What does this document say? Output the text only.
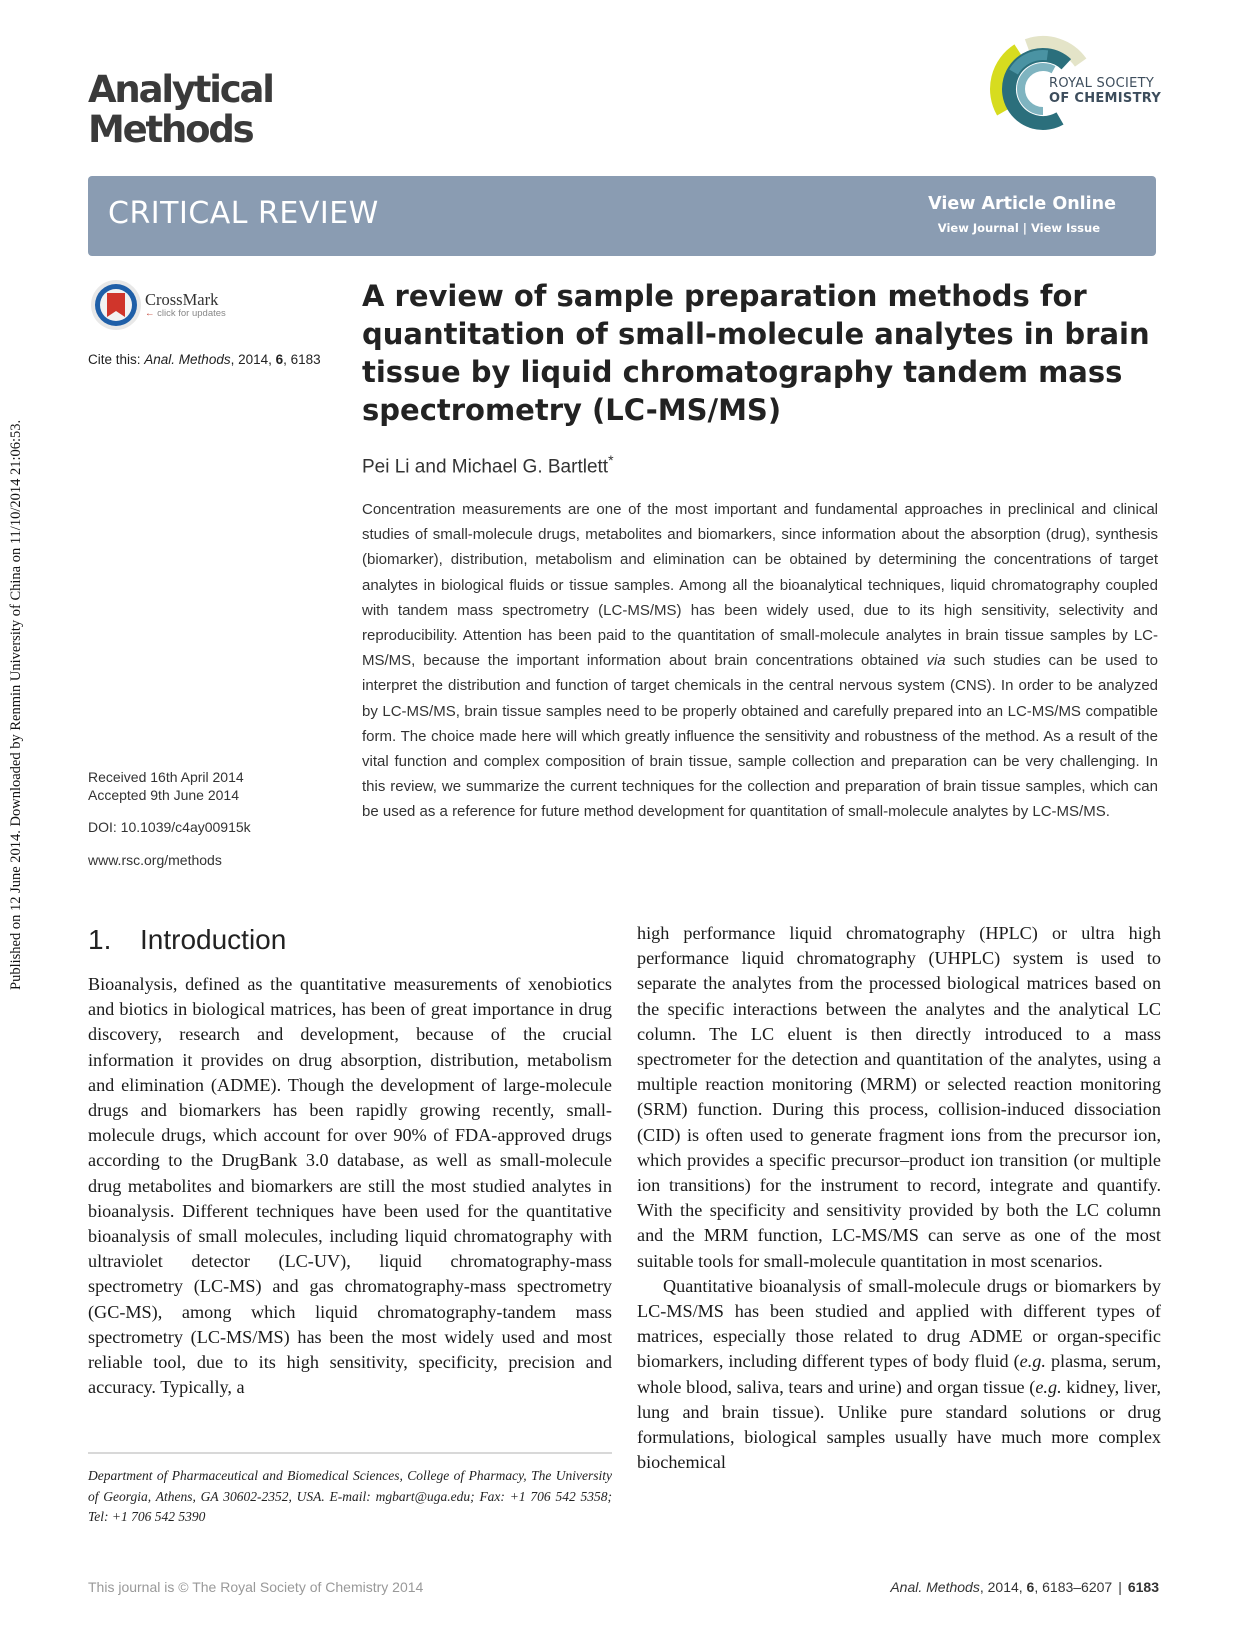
Published on 12 June 2014. Downloaded by Renmin University of China on 11/10/2014 21:06:53.
Analytical
Methods
ROYAL SOCIETY
OF CHEMISTRY
CRITICAL REVIEW	View Article Online
View Journal | View Issue
CrossMark
← click for updates
Cite this: Anal. Methods, 2014, 6, 6183
A review of sample preparation methods for quantitation of small-molecule analytes in brain tissue by liquid chromatography tandem mass spectrometry (LC-MS/MS)
Pei Li and Michael G. Bartlett*
Concentration measurements are one of the most important and fundamental approaches in preclinical and clinical studies of small-molecule drugs, metabolites and biomarkers, since information about the absorption (drug), synthesis (biomarker), distribution, metabolism and elimination can be obtained by determining the concentrations of target analytes in biological fluids or tissue samples. Among all the bioanalytical techniques, liquid chromatography coupled with tandem mass spectrometry (LC-MS/MS) has been widely used, due to its high sensitivity, selectivity and reproducibility. Attention has been paid to the quantitation of small-molecule analytes in brain tissue samples by LC-MS/MS, because the important information about brain concentrations obtained via such studies can be used to interpret the distribution and function of target chemicals in the central nervous system (CNS). In order to be analyzed by LC-MS/MS, brain tissue samples need to be properly obtained and carefully prepared into an LC-MS/MS compatible form. The choice made here will which greatly influence the sensitivity and robustness of the method. As a result of the vital function and complex composition of brain tissue, sample collection and preparation can be very challenging. In this review, we summarize the current techniques for the collection and preparation of brain tissue samples, which can be used as a reference for future method development for quantitation of small-molecule analytes by LC-MS/MS.
Received 16th April 2014
Accepted 9th June 2014
DOI: 10.1039/c4ay00915k
www.rsc.org/methods
1. Introduction

Bioanalysis, defined as the quantitative measurements of xenobiotics and biotics in biological matrices, has been of great importance in drug discovery, research and development, because of the crucial information it provides on drug absorption, distribution, metabolism and elimination (ADME). Though the development of large-molecule drugs and biomarkers has been rapidly growing recently, small-molecule drugs, which account for over 90% of FDA-approved drugs according to the DrugBank 3.0 database, as well as small-molecule drug metabolites and biomarkers are still the most studied analytes in bioanalysis. Different techniques have been used for the quantitative bioanalysis of small molecules, including liquid chromatography with ultraviolet detector (LC-UV), liquid chromatography-mass spectrometry (LC-MS) and gas chromatography-mass spectrometry (GC-MS), among which liquid chromatography-tandem mass spectrometry (LC-MS/MS) has been the most widely used and most reliable tool, due to its high sensitivity, specificity, precision and accuracy. Typically, a

high performance liquid chromatography (HPLC) or ultra high performance liquid chromatography (UHPLC) system is used to separate the analytes from the processed biological matrices based on the specific interactions between the analytes and the analytical LC column. The LC eluent is then directly introduced to a mass spectrometer for the detection and quantitation of the analytes, using a multiple reaction monitoring (MRM) or selected reaction monitoring (SRM) function. During this process, collision-induced dissociation (CID) is often used to generate fragment ions from the precursor ion, which provides a specific precursor–product ion transition (or multiple ion transitions) for the instrument to record, integrate and quantify. With the specificity and sensitivity provided by both the LC column and the MRM function, LC-MS/MS can serve as one of the most suitable tools for small-molecule quantitation in most scenarios.

Quantitative bioanalysis of small-molecule drugs or biomarkers by LC-MS/MS has been studied and applied with different types of matrices, especially those related to drug ADME or organ-specific biomarkers, including different types of body fluid (e.g. plasma, serum, whole blood, saliva, tears and urine) and organ tissue (e.g. kidney, liver, lung and brain tissue). Unlike pure standard solutions or drug formulations, biological samples usually have much more complex biochemical

Department of Pharmaceutical and Biomedical Sciences, College of Pharmacy, The University of Georgia, Athens, GA 30602-2352, USA. E-mail: mgbart@uga.edu; Fax: +1 706 542 5358; Tel: +1 706 542 5390
This journal is © The Royal Society of Chemistry 2014	Anal. Methods, 2014, 6, 6183–6207 | 6183
